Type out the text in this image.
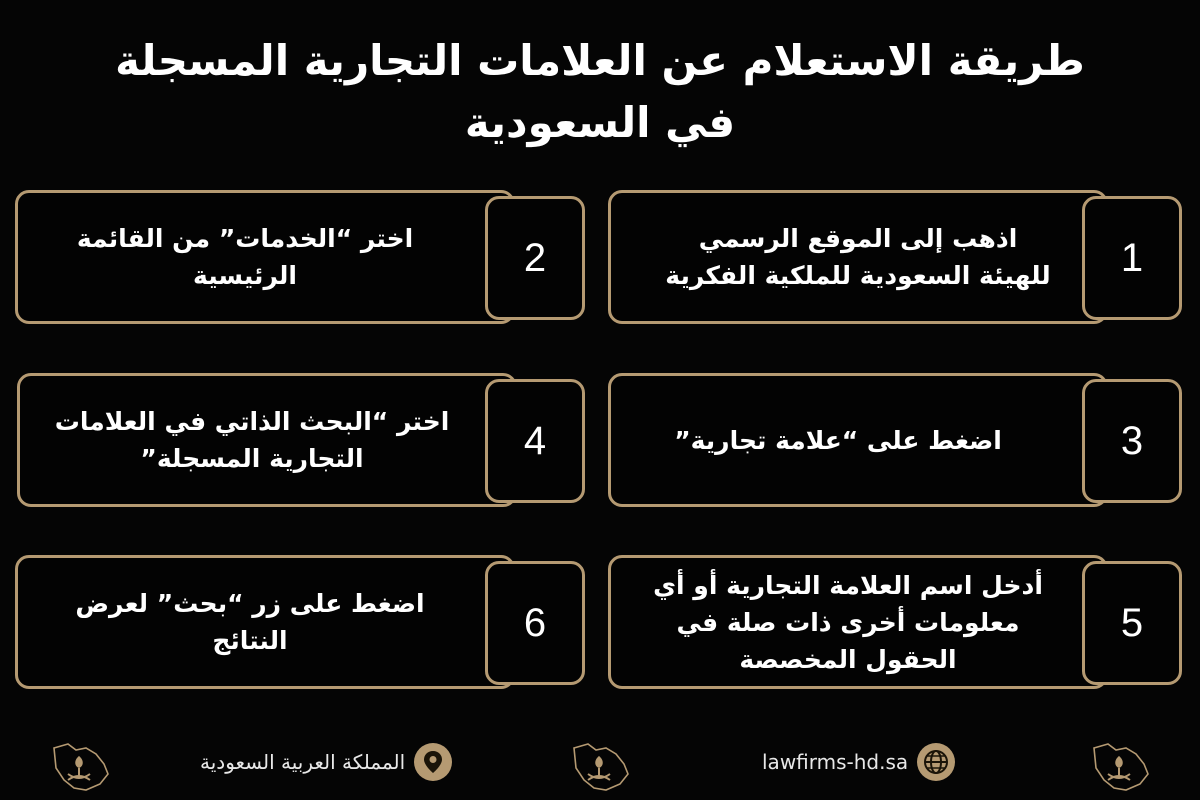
طريقة الاستعلام عن العلامات التجارية المسجلة
في السعودية
اذهب إلى الموقع الرسمي للهيئة السعودية للملكية الفكرية	1
اختر “الخدمات” من القائمة الرئيسية	2
اضغط على “علامة تجارية”	3
اختر “البحث الذاتي في العلامات التجارية المسجلة”	4
أدخل اسم العلامة التجارية أو أي معلومات أخرى ذات صلة في الحقول المخصصة
5
اضغط على زر “بحث” لعرض النتائج	6
المملكة العربية السعودية	lawfirms-hd.sa
